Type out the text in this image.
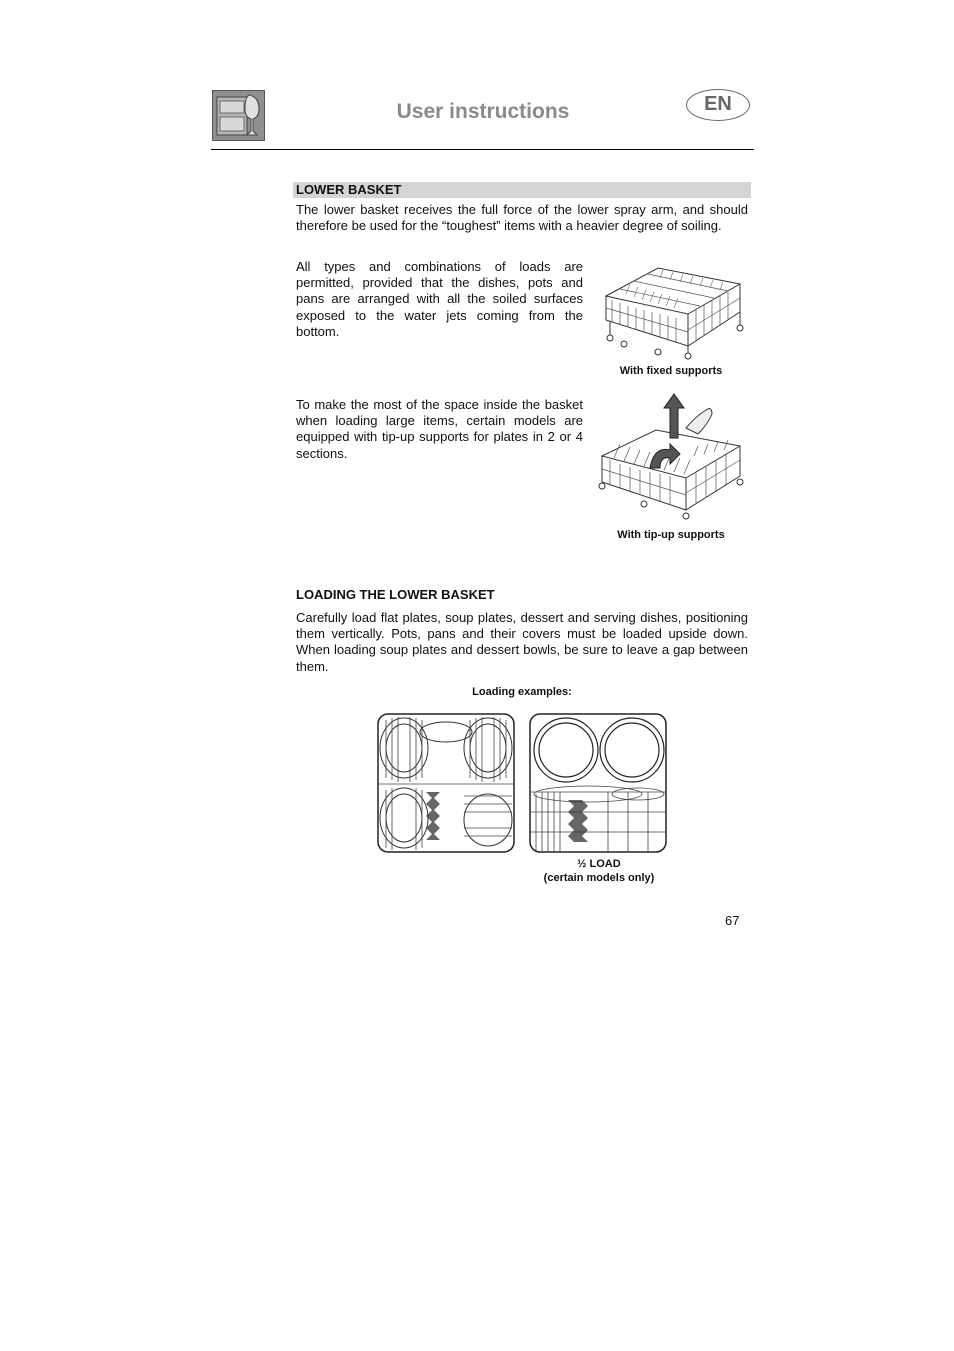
User instructions	EN
LOWER BASKET

The lower basket receives the full force of the lower spray arm, and should therefore be used for the “toughest” items with a heavier degree of soiling.

All types and combinations of loads are permitted, provided that the dishes, pots and pans are arranged with all the soiled surfaces exposed to the water jets coming from the bottom.

With fixed supports

To make the most of the space inside the basket when loading large items, certain models are equipped with tip-up supports for plates in 2 or 4 sections.

With tip-up supports
LOADING THE LOWER BASKET

Carefully load flat plates, soup plates, dessert and serving dishes, positioning them vertically. Pots, pans and their covers must be loaded upside down. When loading soup plates and dessert bowls, be sure to leave a gap between them.

Loading examples:
½ LOAD
(certain models only)
67
